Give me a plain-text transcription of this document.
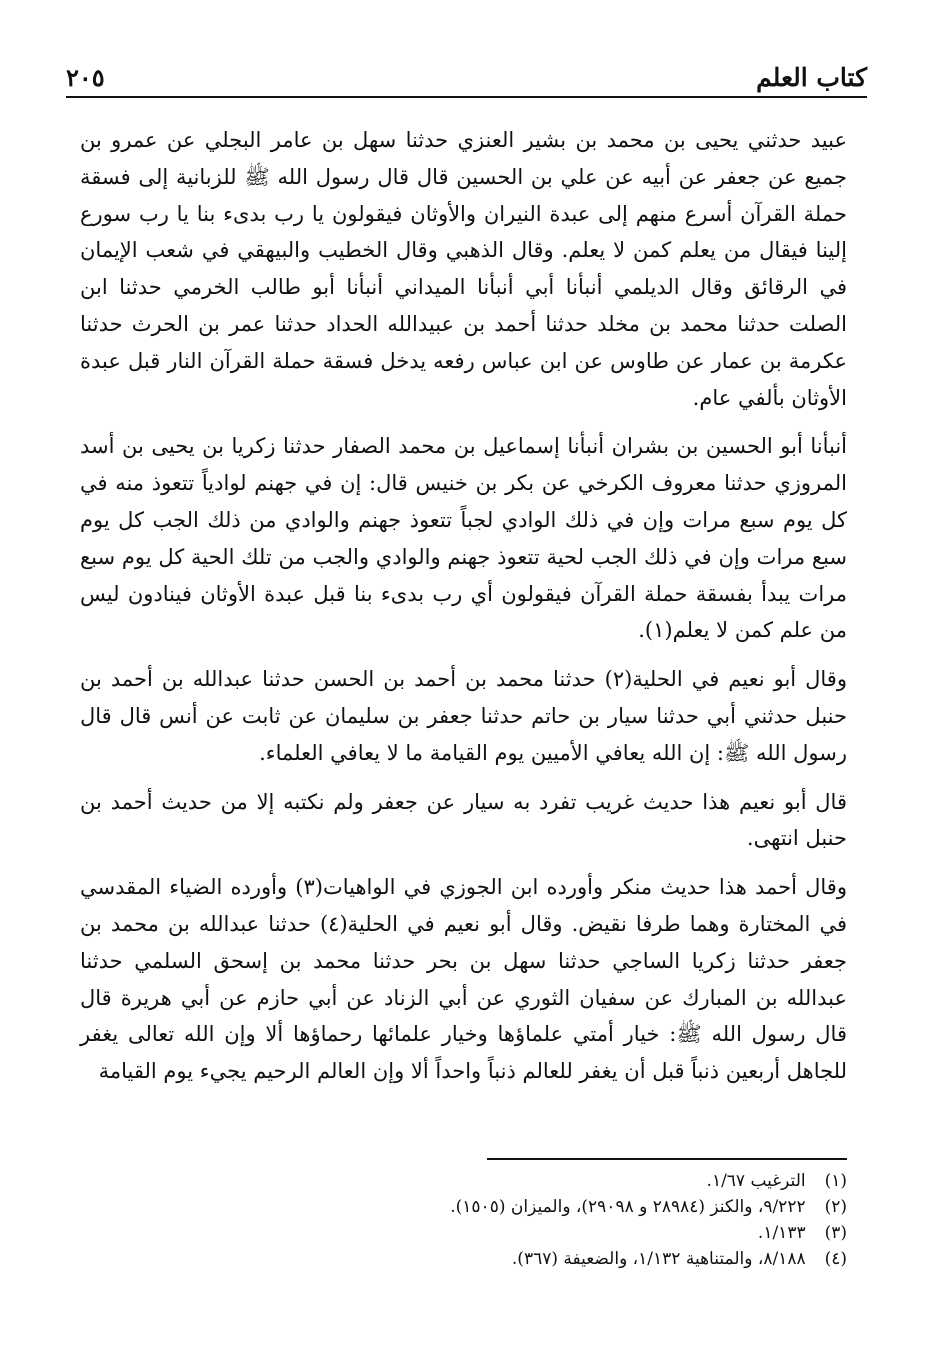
كتاب العلم
٢٠٥

عبيد حدثني يحيى بن محمد بن بشير العنزي حدثنا سهل بن عامر البجلي عن عمرو بن جميع عن جعفر عن أبيه عن علي بن الحسين قال قال رسول الله ﷺ للزبانية إلى فسقة حملة القرآن أسرع منهم إلى عبدة النيران والأوثان فيقولون يا رب بدىء بنا يا رب سورع إلينا فيقال من يعلم كمن لا يعلم. وقال الذهبي وقال الخطيب والبيهقي في شعب الإيمان في الرقائق وقال الديلمي أنبأنا أبي أنبأنا الميداني أنبأنا أبو طالب الخرمي حدثنا ابن الصلت حدثنا محمد بن مخلد حدثنا أحمد بن عبيدالله الحداد حدثنا عمر بن الحرث حدثنا عكرمة بن عمار عن طاوس عن ابن عباس رفعه يدخل فسقة حملة القرآن النار قبل عبدة الأوثان بألفي عام.

أنبأنا أبو الحسين بن بشران أنبأنا إسماعيل بن محمد الصفار حدثنا زكريا بن يحيى بن أسد المروزي حدثنا معروف الكرخي عن بكر بن خنيس قال: إن في جهنم لوادياً تتعوذ منه في كل يوم سبع مرات وإن في ذلك الوادي لجباً تتعوذ جهنم والوادي من ذلك الجب كل يوم سبع مرات وإن في ذلك الجب لحية تتعوذ جهنم والوادي والجب من تلك الحية كل يوم سبع مرات يبدأ بفسقة حملة القرآن فيقولون أي رب بدىء بنا قبل عبدة الأوثان فينادون ليس من علم كمن لا يعلم(١).

وقال أبو نعيم في الحلية(٢) حدثنا محمد بن أحمد بن الحسن حدثنا عبدالله بن أحمد بن حنبل حدثني أبي حدثنا سيار بن حاتم حدثنا جعفر بن سليمان عن ثابت عن أنس قال قال رسول الله ﷺ: إن الله يعافي الأميين يوم القيامة ما لا يعافي العلماء.

قال أبو نعيم هذا حديث غريب تفرد به سيار عن جعفر ولم نكتبه إلا من حديث أحمد بن حنبل انتهى.

وقال أحمد هذا حديث منكر وأورده ابن الجوزي في الواهيات(٣) وأورده الضياء المقدسي في المختارة وهما طرفا نقيض. وقال أبو نعيم في الحلية(٤) حدثنا عبدالله بن محمد بن جعفر حدثنا زكريا الساجي حدثنا سهل بن بحر حدثنا محمد بن إسحق السلمي حدثنا عبدالله بن المبارك عن سفيان الثوري عن أبي الزناد عن أبي حازم عن أبي هريرة قال قال رسول الله ﷺ: خيار أمتي علماؤها وخيار علمائها رحماؤها ألا وإن الله تعالى يغفر للجاهل أربعين ذنباً قبل أن يغفر للعالم ذنباً واحداً ألا وإن العالم الرحيم يجيء يوم القيامة

(١) الترغيب ١/٦٧.
(٢) ٩/٢٢٢، والكنز (٢٨٩٨٤ و ٢٩٠٩٨)، والميزان (١٥٠٥).
(٣) ١/١٣٣.
(٤) ٨/١٨٨، والمتناهية ١/١٣٢، والضعيفة (٣٦٧).
